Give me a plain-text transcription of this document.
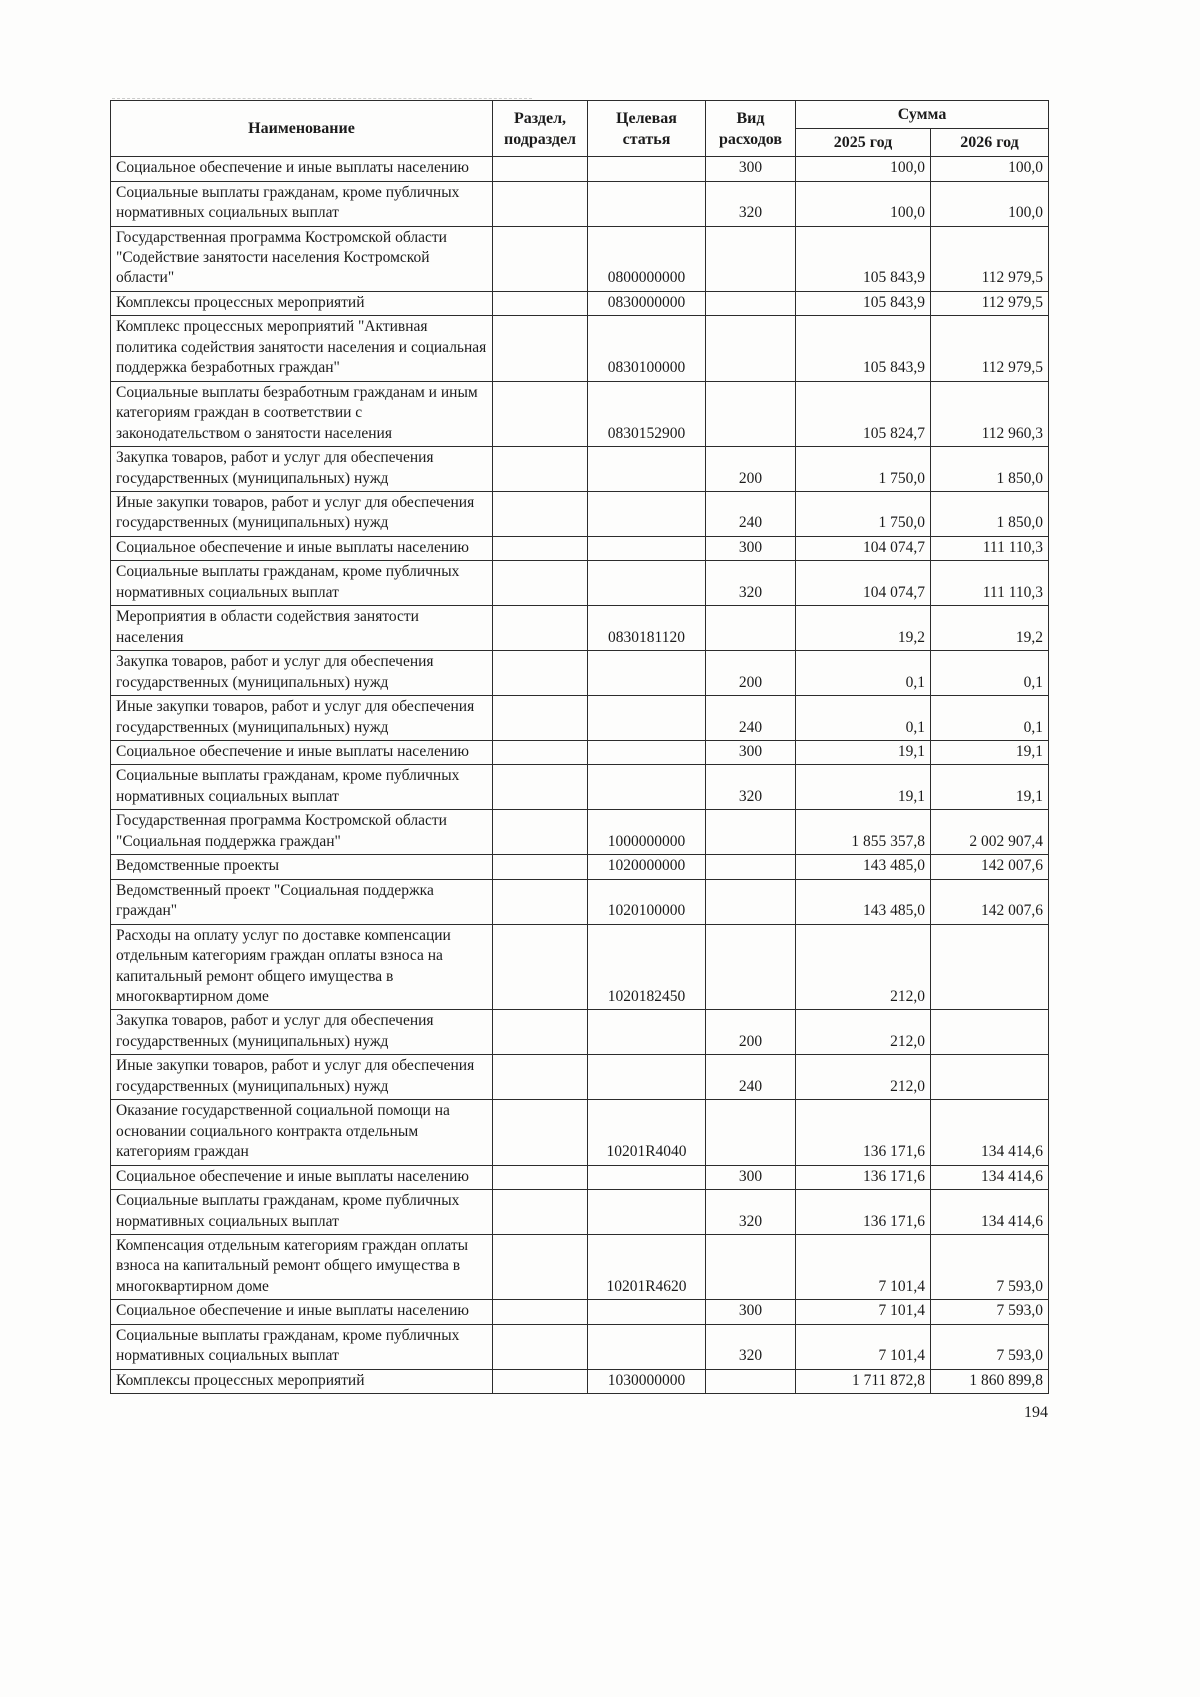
Наименование	Раздел, подраздел	Целевая статья	Вид расходов	Сумма	
				2025 год	2026 год
Социальное обеспечение и иные выплаты населению			300	100,0	100,0
Социальные выплаты гражданам, кроме публичных нормативных социальных выплат			320	100,0	100,0
Государственная программа Костромской области "Содействие занятости населения Костромской области"		0800000000		105 843,9	112 979,5
Комплексы процессных мероприятий		0830000000		105 843,9	112 979,5
Комплекс процессных мероприятий "Активная политика содействия занятости населения и социальная поддержка безработных граждан"		0830100000		105 843,9	112 979,5
Социальные выплаты безработным гражданам и иным категориям граждан в соответствии с законодательством о занятости населения		0830152900		105 824,7	112 960,3
Закупка товаров, работ и услуг для обеспечения государственных (муниципальных) нужд			200	1 750,0	1 850,0
Иные закупки товаров, работ и услуг для обеспечения государственных (муниципальных) нужд			240	1 750,0	1 850,0
Социальное обеспечение и иные выплаты населению			300	104 074,7	111 110,3
Социальные выплаты гражданам, кроме публичных нормативных социальных выплат			320	104 074,7	111 110,3
Мероприятия в области содействия занятости населения		0830181120		19,2	19,2
Закупка товаров, работ и услуг для обеспечения государственных (муниципальных) нужд			200	0,1	0,1
Иные закупки товаров, работ и услуг для обеспечения государственных (муниципальных) нужд			240	0,1	0,1
Социальное обеспечение и иные выплаты населению			300	19,1	19,1
Социальные выплаты гражданам, кроме публичных нормативных социальных выплат			320	19,1	19,1
Государственная программа Костромской области "Социальная поддержка граждан"		1000000000		1 855 357,8	2 002 907,4
Ведомственные проекты		1020000000		143 485,0	142 007,6
Ведомственный проект "Социальная поддержка граждан"		1020100000		143 485,0	142 007,6
Расходы на оплату услуг по доставке компенсации отдельным категориям граждан оплаты взноса на капитальный ремонт общего имущества в многоквартирном доме		1020182450		212,0	
Закупка товаров, работ и услуг для обеспечения государственных (муниципальных) нужд			200	212,0	
Иные закупки товаров, работ и услуг для обеспечения государственных (муниципальных) нужд			240	212,0	
Оказание государственной социальной помощи на основании социального контракта отдельным категориям граждан		10201R4040		136 171,6	134 414,6
Социальное обеспечение и иные выплаты населению			300	136 171,6	134 414,6
Социальные выплаты гражданам, кроме публичных нормативных социальных выплат			320	136 171,6	134 414,6
Компенсация отдельным категориям граждан оплаты взноса на капитальный ремонт общего имущества в многоквартирном доме		10201R4620		7 101,4	7 593,0
Социальное обеспечение и иные выплаты населению			300	7 101,4	7 593,0
Социальные выплаты гражданам, кроме публичных нормативных социальных выплат			320	7 101,4	7 593,0
Комплексы процессных мероприятий		1030000000		1 711 872,8	1 860 899,8
194
